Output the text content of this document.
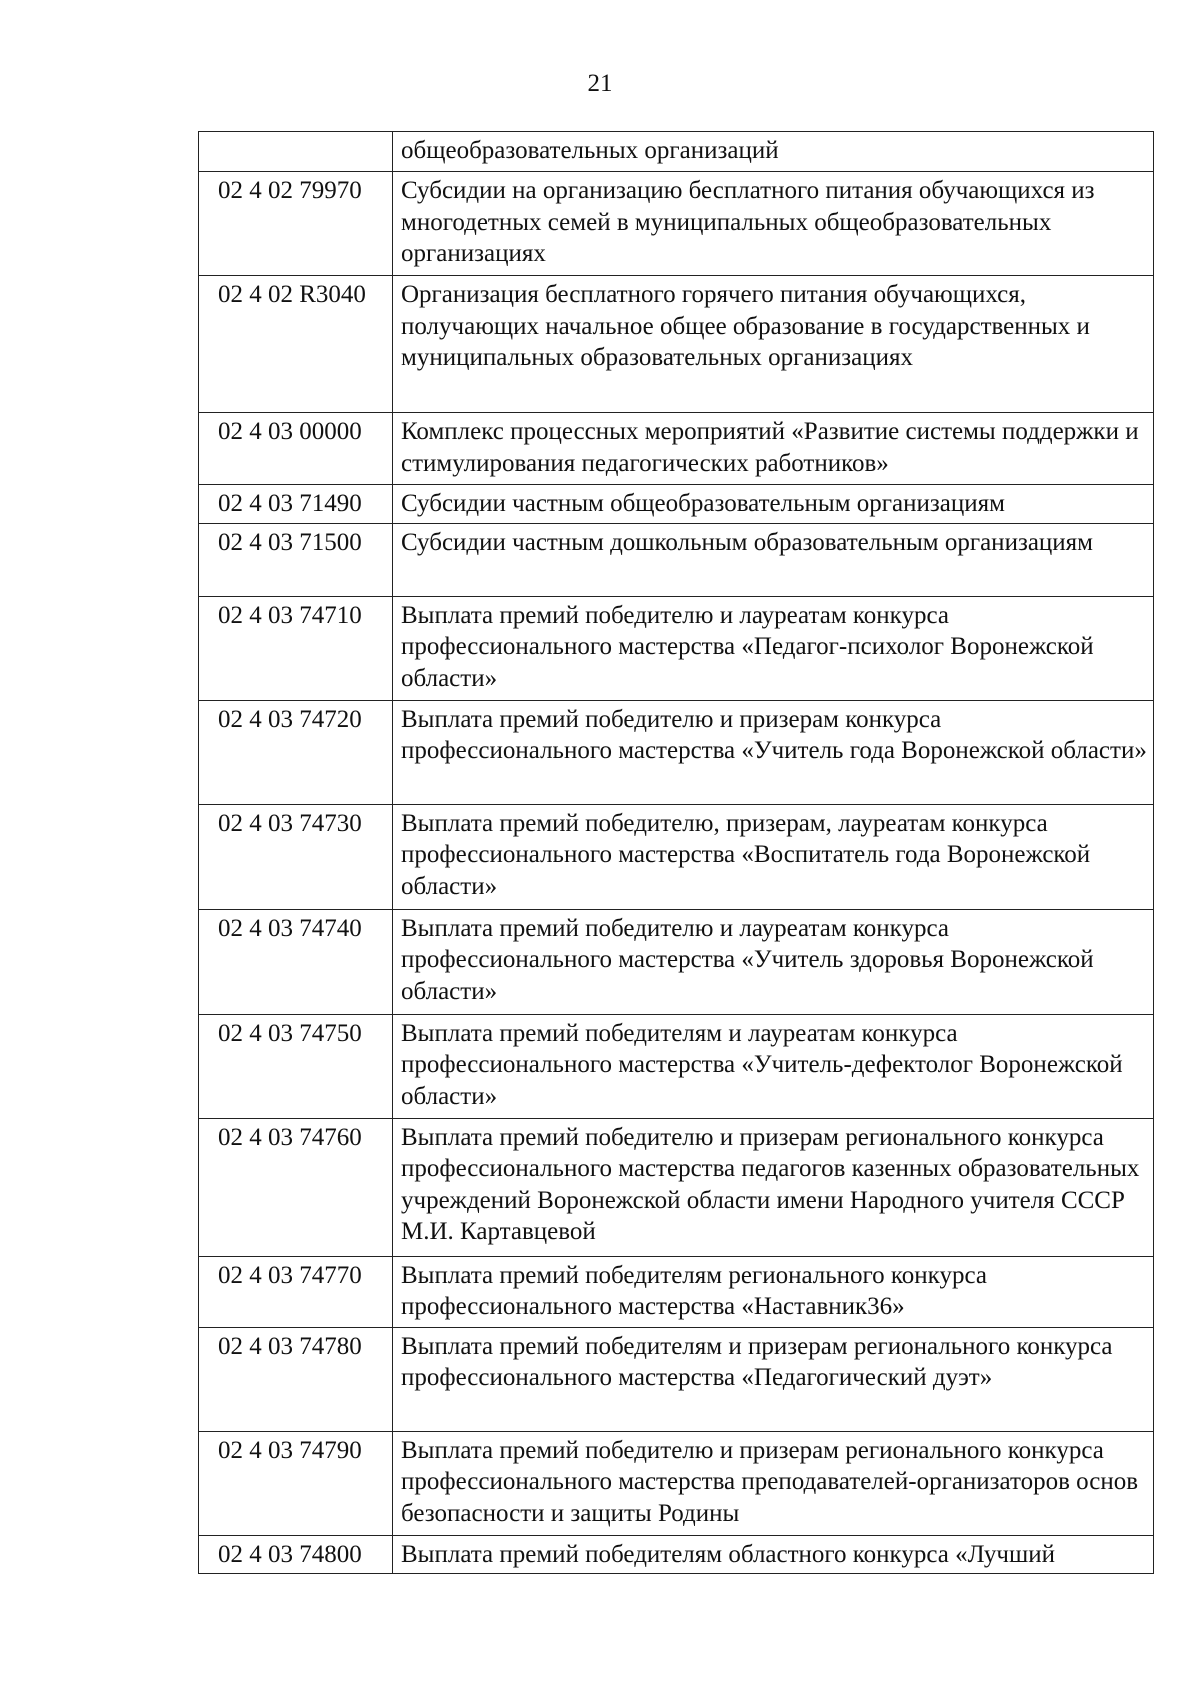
21
	общеобразовательных организаций
02 4 02 79970	Субсидии на организацию бесплатного питания обучающихся из многодетных семей в муниципальных общеобразовательных организациях
02 4 02 R3040	Организация бесплатного горячего питания обучающихся, получающих начальное общее образование в государственных и муниципальных образовательных организациях
02 4 03 00000	Комплекс процессных мероприятий «Развитие системы поддержки и стимулирования педагогических работников»
02 4 03 71490	Субсидии частным общеобразовательным организациям
02 4 03 71500	Субсидии частным дошкольным образовательным организациям
02 4 03 74710	Выплата премий победителю и лауреатам конкурса профессионального мастерства «Педагог-психолог Воронежской области»
02 4 03 74720	Выплата премий победителю и призерам конкурса профессионального мастерства «Учитель года Воронежской области»
02 4 03 74730	Выплата премий победителю, призерам, лауреатам конкурса профессионального мастерства «Воспитатель года Воронежской области»
02 4 03 74740	Выплата премий победителю и лауреатам конкурса профессионального мастерства «Учитель здоровья Воронежской области»
02 4 03 74750	Выплата премий победителям и лауреатам конкурса профессионального мастерства «Учитель-дефектолог Воронежской области»
02 4 03 74760	Выплата премий победителю и призерам регионального конкурса профессионального мастерства педагогов казенных образовательных учреждений Воронежской области имени Народного учителя СССР М.И. Картавцевой
02 4 03 74770	Выплата премий победителям регионального конкурса профессионального мастерства «Наставник36»
02 4 03 74780	Выплата премий победителям и призерам регионального конкурса профессионального мастерства «Педагогический дуэт»
02 4 03 74790	Выплата премий победителю и призерам регионального конкурса профессионального мастерства преподавателей-организаторов основ безопасности и защиты Родины
02 4 03 74800	Выплата премий победителям областного конкурса «Лучший
